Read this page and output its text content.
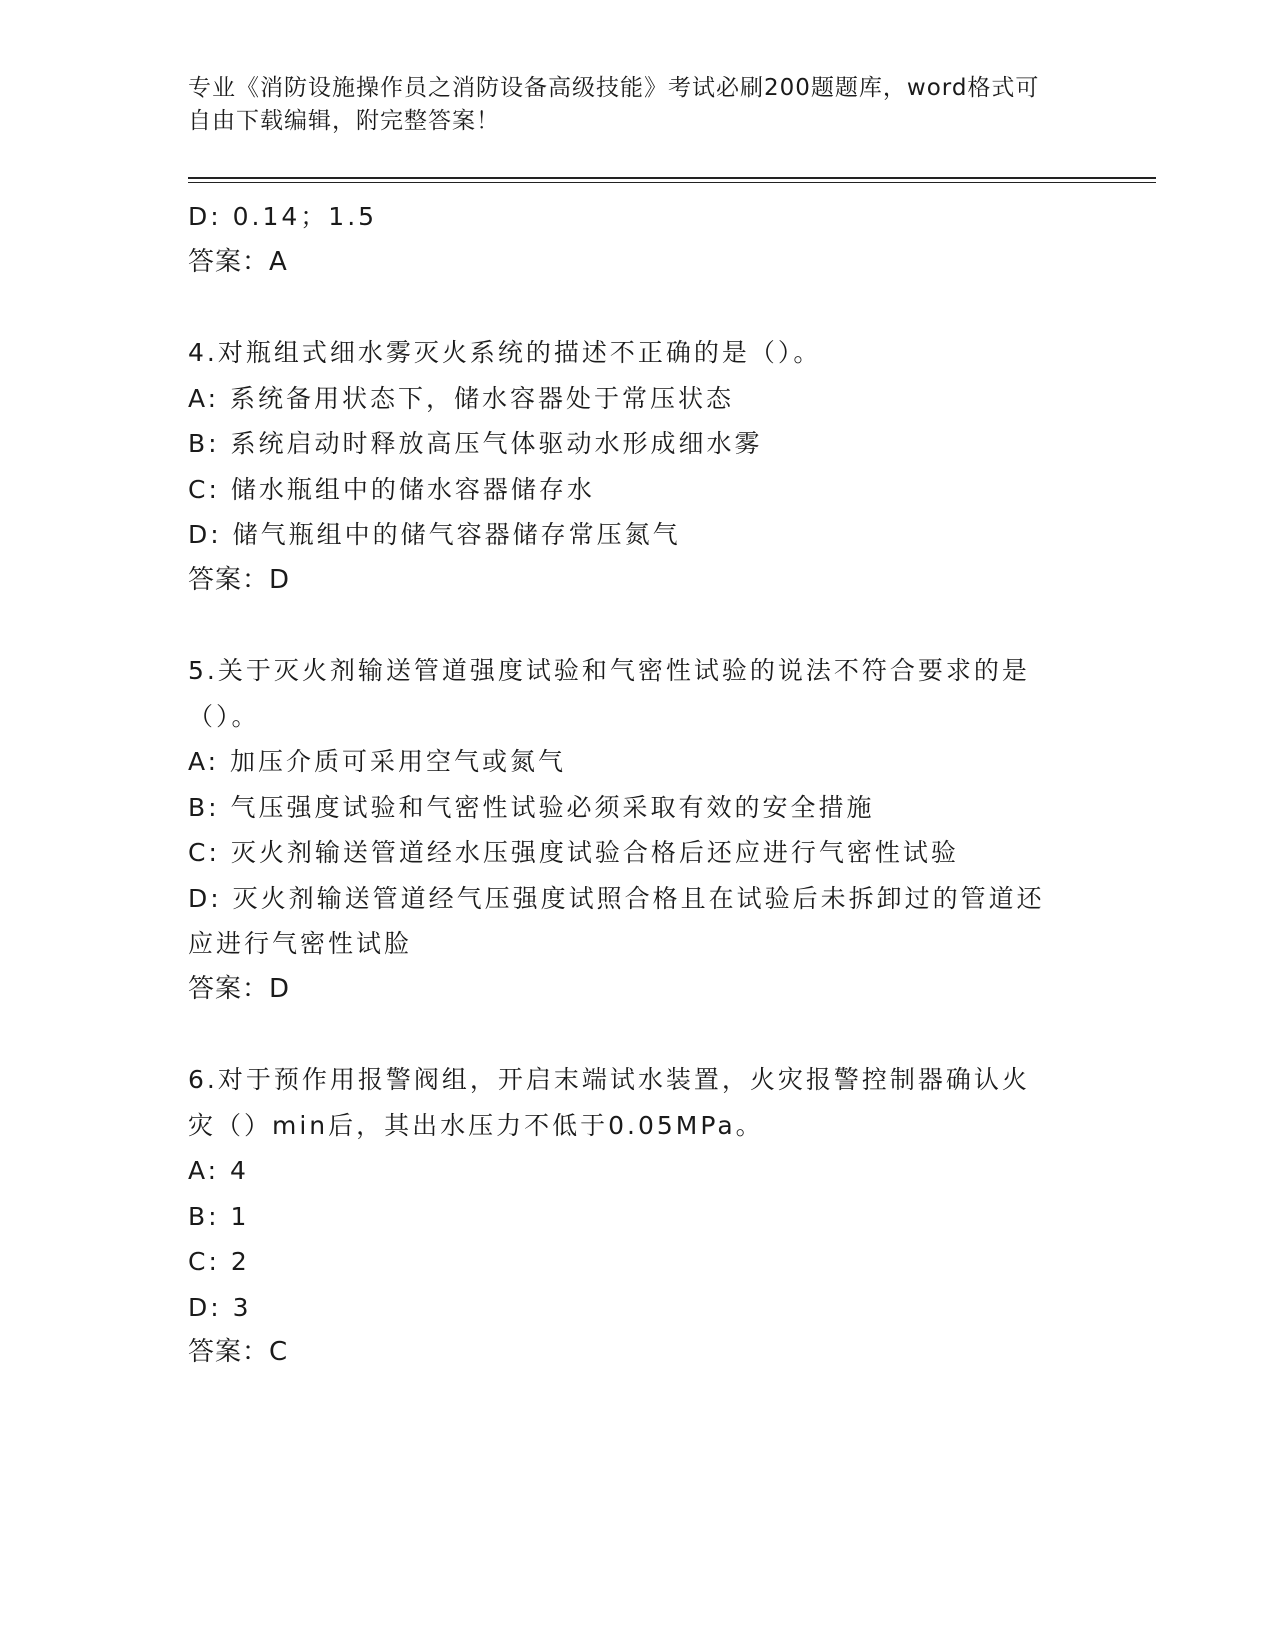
专业《消防设施操作员之消防设备高级技能》考试必刷200题题库，word格式可
自由下载编辑，附完整答案！
D: 0.14；1.5
答案：A
4.对瓶组式细水雾灭火系统的描述不正确的是（）。
A: 系统备用状态下，储水容器处于常压状态
B: 系统启动时释放高压气体驱动水形成细水雾
C: 储水瓶组中的储水容器储存水
D: 储气瓶组中的储气容器储存常压氮气
答案：D
5.关于灭火剂输送管道强度试验和气密性试验的说法不符合要求的是
（）。
A: 加压介质可采用空气或氮气
B: 气压强度试验和气密性试验必须采取有效的安全措施
C: 灭火剂输送管道经水压强度试验合格后还应进行气密性试验
D: 灭火剂输送管道经气压强度试照合格且在试验后未拆卸过的管道还
应进行气密性试脸
答案：D
6.对于预作用报警阀组，开启末端试水装置，火灾报警控制器确认火
灾（）min后，其出水压力不低于0.05MPa。
A: 4
B: 1
C: 2
D: 3
答案：C
